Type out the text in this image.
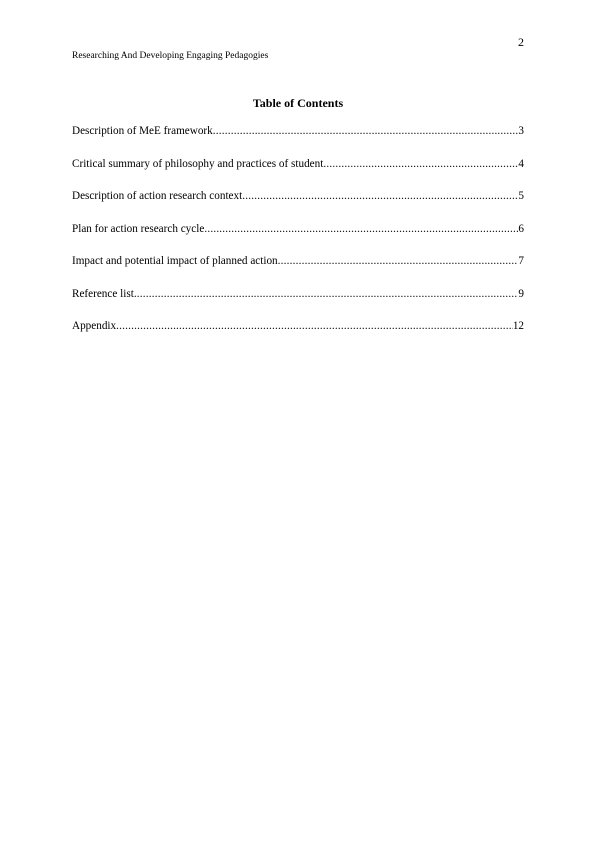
2
Researching And Developing Engaging Pedagogies
Table of Contents
Description of MeE framework .....	3
Critical summary of philosophy and practices of student .....	4
Description of action research context .....	5
Plan for action research cycle .....	6
Impact and potential impact of planned action .....	7
Reference list .....	9
Appendix .....	12
